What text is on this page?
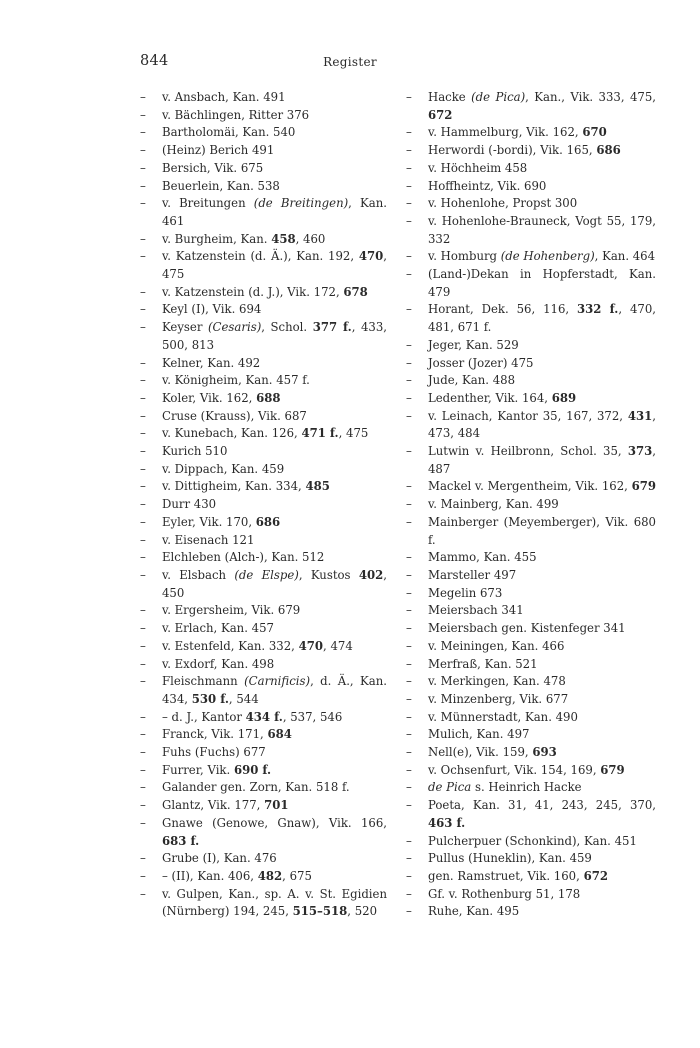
844	Register
– v. Ansbach, Kan. 491
– v. Bächlingen, Ritter 376
– Bartholomäi, Kan. 540
– (Heinz) Berich 491
– Bersich, Vik. 675
– Beuerlein, Kan. 538
– v. Breitungen (de Breitingen), Kan. 461
– v. Burgheim, Kan. 458, 460
– v. Katzenstein (d. Ä.), Kan. 192, 470, 475
– v. Katzenstein (d. J.), Vik. 172, 678
– Keyl (I), Vik. 694
– Keyser (Cesaris), Schol. 377 f., 433, 500, 813
– Kelner, Kan. 492
– v. Königheim, Kan. 457 f.
– Koler, Vik. 162, 688
– Cruse (Krauss), Vik. 687
– v. Kunebach, Kan. 126, 471 f., 475
– Kurich 510
– v. Dippach, Kan. 459
– v. Dittigheim, Kan. 334, 485
– Durr 430
– Eyler, Vik. 170, 686
– v. Eisenach 121
– Elchleben (Alch-), Kan. 512
– v. Elsbach (de Elspe), Kustos 402, 450
– v. Ergersheim, Vik. 679
– v. Erlach, Kan. 457
– v. Estenfeld, Kan. 332, 470, 474
– v. Exdorf, Kan. 498
– Fleischmann (Carnificis), d. Ä., Kan. 434, 530 f., 544
– – d. J., Kantor 434 f., 537, 546
– Franck, Vik. 171, 684
– Fuhs (Fuchs) 677
– Furrer, Vik. 690 f.
– Galander gen. Zorn, Kan. 518 f.
– Glantz, Vik. 177, 701
– Gnawe (Genowe, Gnaw), Vik. 166, 683 f.
– Grube (I), Kan. 476
– – (II), Kan. 406, 482, 675
– v. Gulpen, Kan., sp. A. v. St. Egidien (Nürnberg) 194, 245, 515–518, 520
– Hacke (de Pica), Kan., Vik. 333, 475, 672
– v. Hammelburg, Vik. 162, 670
– Herwordi (-bordi), Vik. 165, 686
– v. Höchheim 458
– Hoffheintz, Vik. 690
– v. Hohenlohe, Propst 300
– v. Hohenlohe-Brauneck, Vogt 55, 179, 332
– v. Homburg (de Hohenberg), Kan. 464
– (Land-)Dekan in Hopferstadt, Kan. 479
– Horant, Dek. 56, 116, 332 f., 470, 481, 671 f.
– Jeger, Kan. 529
– Josser (Jozer) 475
– Jude, Kan. 488
– Ledenther, Vik. 164, 689
– v. Leinach, Kantor 35, 167, 372, 431, 473, 484
– Lutwin v. Heilbronn, Schol. 35, 373, 487
– Mackel v. Mergentheim, Vik. 162, 679
– v. Mainberg, Kan. 499
– Mainberger (Meyemberger), Vik. 680 f.
– Mammo, Kan. 455
– Marsteller 497
– Megelin 673
– Meiersbach 341
– Meiersbach gen. Kistenfeger 341
– v. Meiningen, Kan. 466
– Merfraß, Kan. 521
– v. Merkingen, Kan. 478
– v. Minzenberg, Vik. 677
– v. Münnerstadt, Kan. 490
– Mulich, Kan. 497
– Nell(e), Vik. 159, 693
– v. Ochsenfurt, Vik. 154, 169, 679
– de Pica s. Heinrich Hacke
– Poeta, Kan. 31, 41, 243, 245, 370, 463 f.
– Pulcherpuer (Schonkind), Kan. 451
– Pullus (Huneklin), Kan. 459
– gen. Ramstruet, Vik. 160, 672
– Gf. v. Rothenburg 51, 178
– Ruhe, Kan. 495
